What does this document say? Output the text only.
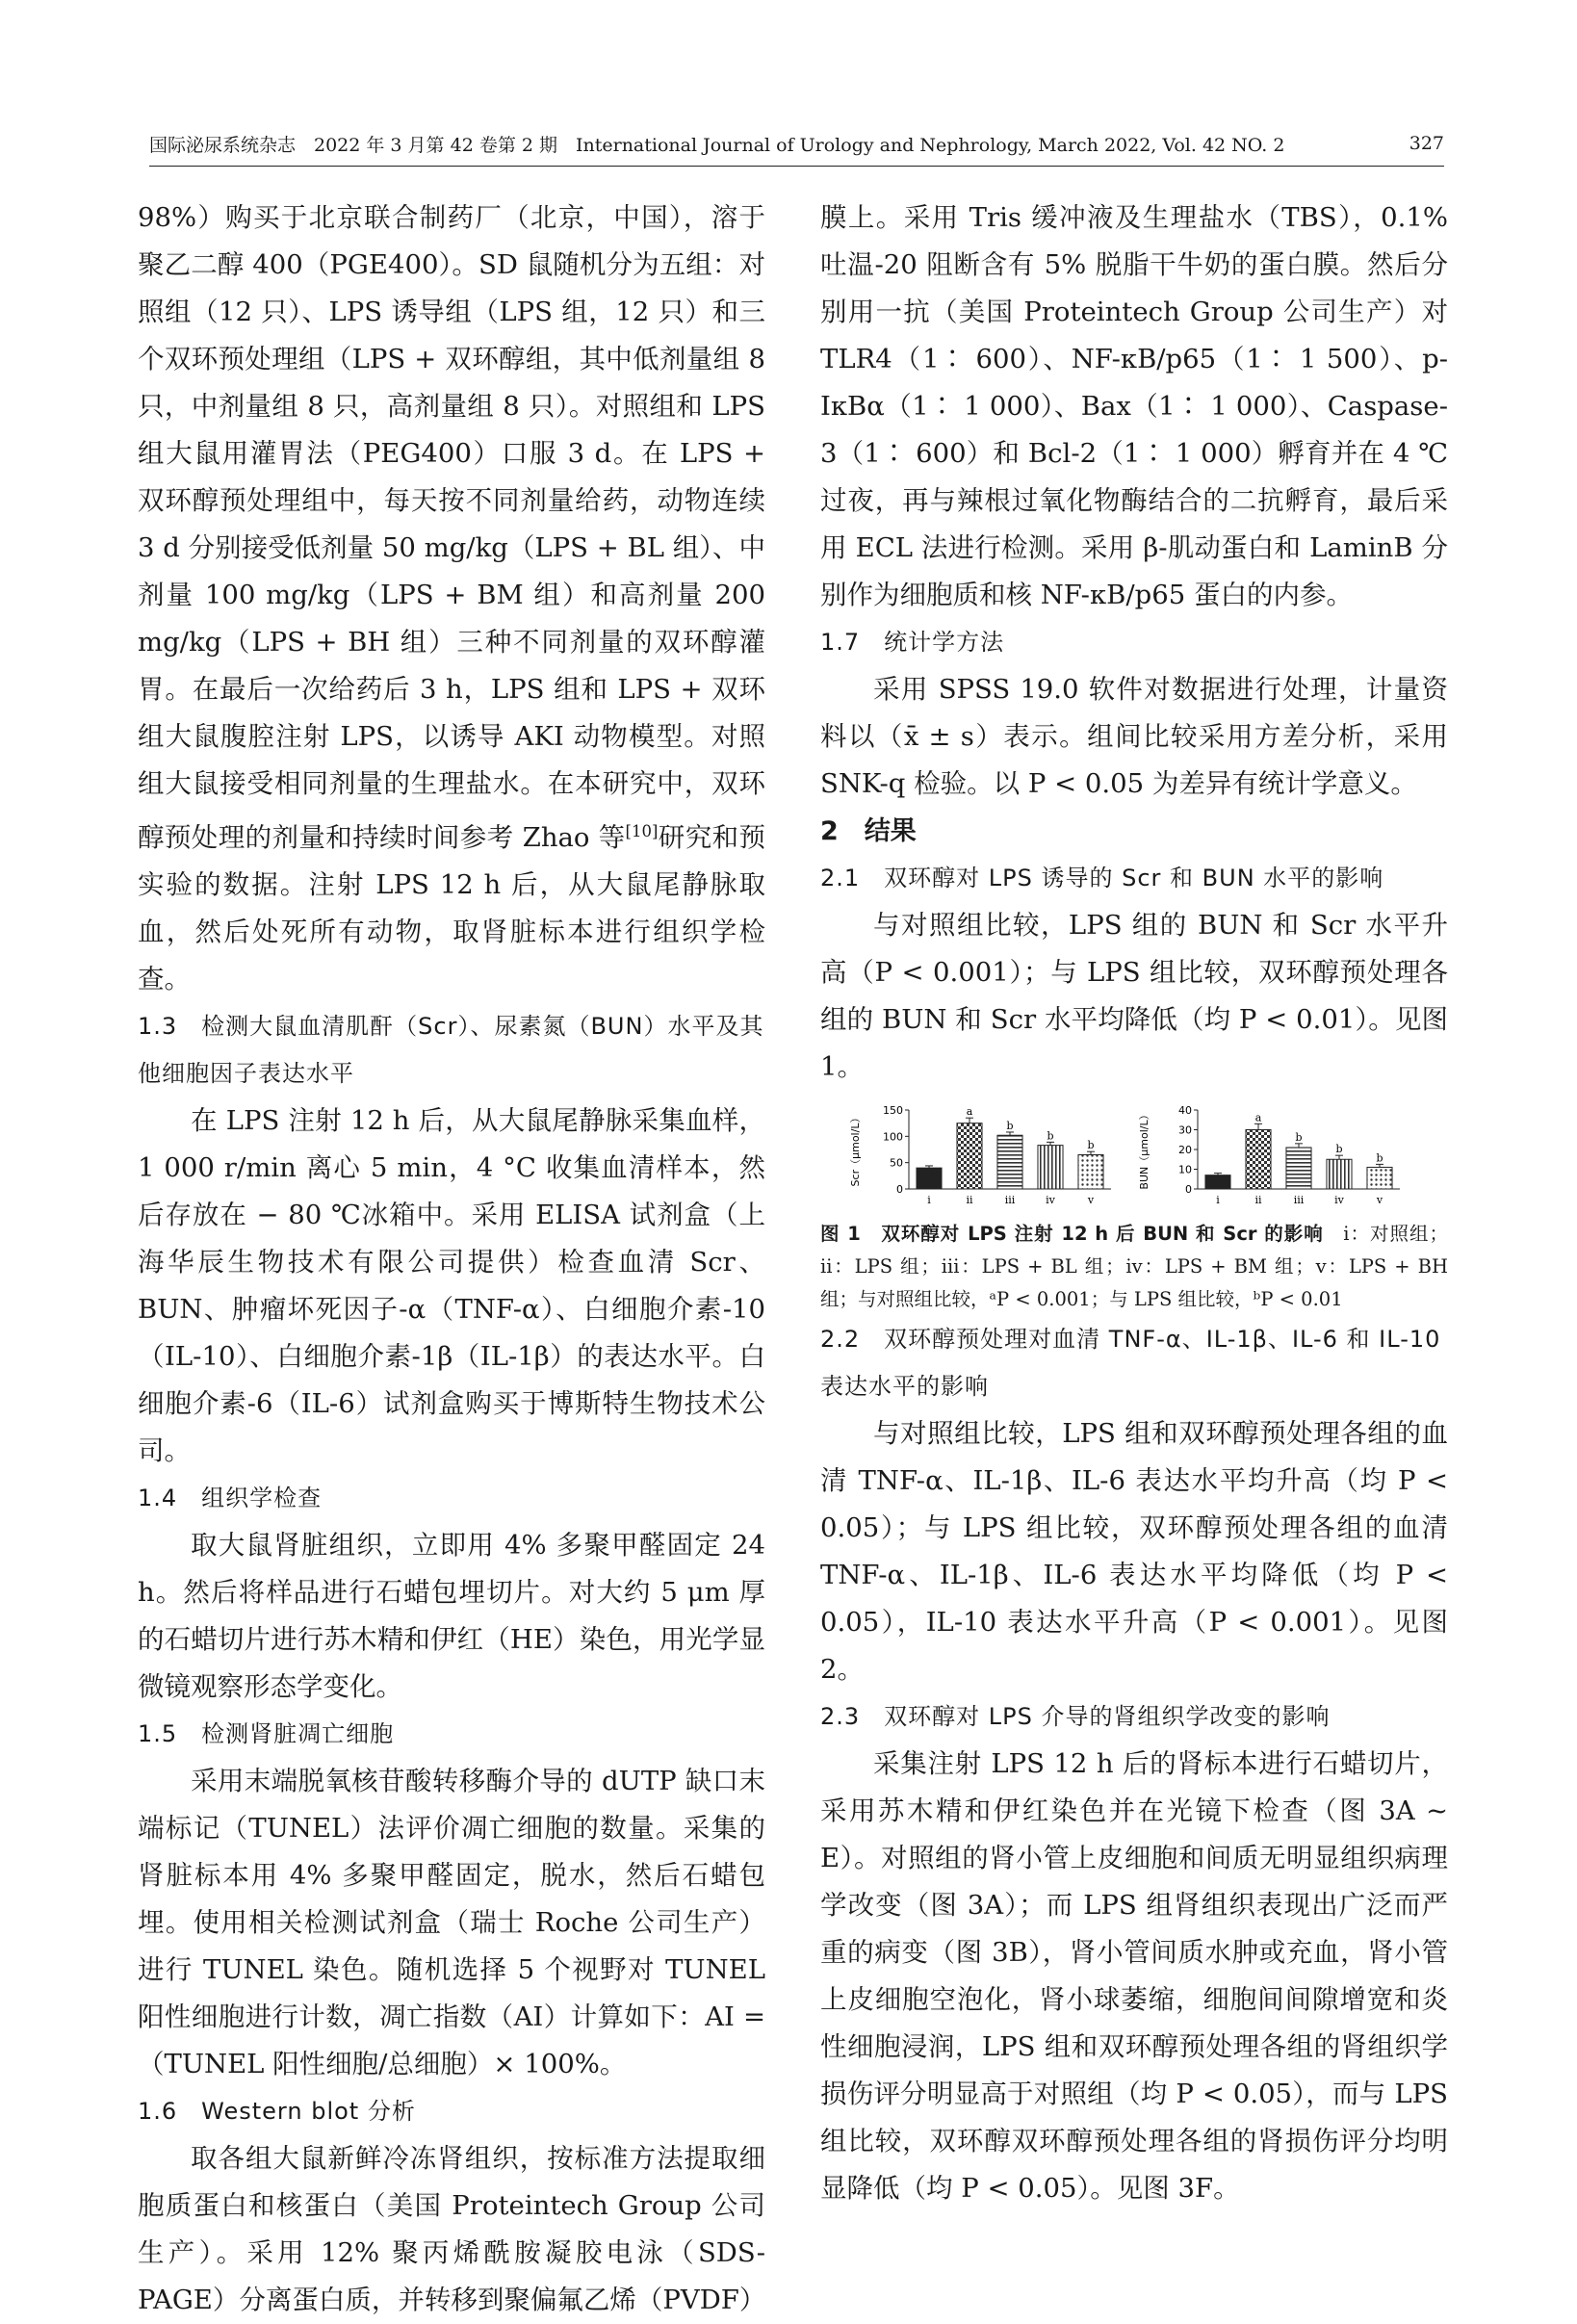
国际泌尿系统杂志　2022 年 3 月第 42 卷第 2 期　International Journal of Urology and Nephrology, March 2022, Vol. 42 NO. 2	327

98%）购买于北京联合制药厂（北京，中国），溶于聚乙二醇 400（PGE400）。SD 鼠随机分为五组：对照组（12 只）、LPS 诱导组（LPS 组，12 只）和三个双环预处理组（LPS + 双环醇组，其中低剂量组 8 只，中剂量组 8 只，高剂量组 8 只）。对照组和 LPS 组大鼠用灌胃法（PEG400）口服 3 d。在 LPS + 双环醇预处理组中，每天按不同剂量给药，动物连续 3 d 分别接受低剂量 50 mg/kg（LPS + BL 组）、中剂量 100 mg/kg（LPS + BM 组）和高剂量 200 mg/kg（LPS + BH 组）三种不同剂量的双环醇灌胃。在最后一次给药后 3 h，LPS 组和 LPS + 双环组大鼠腹腔注射 LPS，以诱导 AKI 动物模型。对照组大鼠接受相同剂量的生理盐水。在本研究中，双环醇预处理的剂量和持续时间参考 Zhao 等[10]研究和预实验的数据。注射 LPS 12 h 后，从大鼠尾静脉取血，然后处死所有动物，取肾脏标本进行组织学检查。

1.3　检测大鼠血清肌酐（Scr）、尿素氮（BUN）水平及其他细胞因子表达水平

在 LPS 注射 12 h 后，从大鼠尾静脉采集血样，1 000 r/min 离心 5 min，4 °C 收集血清样本，然后存放在 − 80 ℃冰箱中。采用 ELISA 试剂盒（上海华辰生物技术有限公司提供）检查血清 Scr、BUN、肿瘤坏死因子-α（TNF-α）、白细胞介素-10（IL-10）、白细胞介素-1β（IL-1β）的表达水平。白细胞介素-6（IL-6）试剂盒购买于博斯特生物技术公司。

1.4　组织学检查

取大鼠肾脏组织，立即用 4% 多聚甲醛固定 24 h。然后将样品进行石蜡包埋切片。对大约 5 μm 厚的石蜡切片进行苏木精和伊红（HE）染色，用光学显微镜观察形态学变化。

1.5　检测肾脏凋亡细胞

采用末端脱氧核苷酸转移酶介导的 dUTP 缺口末端标记（TUNEL）法评价凋亡细胞的数量。采集的肾脏标本用 4% 多聚甲醛固定，脱水，然后石蜡包埋。使用相关检测试剂盒（瑞士 Roche 公司生产）进行 TUNEL 染色。随机选择 5 个视野对 TUNEL 阳性细胞进行计数，凋亡指数（AI）计算如下：AI =（TUNEL 阳性细胞/总细胞）× 100%。

1.6　Western blot 分析

取各组大鼠新鲜冷冻肾组织，按标准方法提取细胞质蛋白和核蛋白（美国 Proteintech Group 公司生产）。采用 12% 聚丙烯酰胺凝胶电泳（SDS-PAGE）分离蛋白质，并转移到聚偏氟乙烯（PVDF）

膜上。采用 Tris 缓冲液及生理盐水（TBS），0.1% 吐温-20 阻断含有 5% 脱脂干牛奶的蛋白膜。然后分别用一抗（美国 Proteintech Group 公司生产）对 TLR4（1∶ 600）、NF-κB/p65（1∶ 1 500）、p-IκBα（1∶ 1 000）、Bax（1∶ 1 000）、Caspase-3（1∶ 600）和 Bcl-2（1∶ 1 000）孵育并在 4 ℃过夜，再与辣根过氧化物酶结合的二抗孵育，最后采用 ECL 法进行检测。采用 β-肌动蛋白和 LaminB 分别作为细胞质和核 NF-κB/p65 蛋白的内参。

1.7　统计学方法

采用 SPSS 19.0 软件对数据进行处理，计量资料以（x̄ ± s）表示。组间比较采用方差分析，采用 SNK-q 检验。以 P < 0.05 为差异有统计学意义。

2　结果

2.1　双环醇对 LPS 诱导的 Scr 和 BUN 水平的影响

与对照组比较，LPS 组的 BUN 和 Scr 水平升高（P < 0.001）；与 LPS 组比较，双环醇预处理各组的 BUN 和 Scr 水平均降低（均 P < 0.01）。见图 1。

Scr（μmol/L）
0
50
100
150
i
a
ii
b
iii
b
iv
b
v
BUN（μmol/L）	0
10
20
30
40
i
a
ii
b
iii
b
iv
b
v

图 1　双环醇对 LPS 注射 12 h 后 BUN 和 Scr 的影响　 ⅰ：对照组；ⅱ：LPS 组；ⅲ：LPS + BL 组；ⅳ：LPS + BM 组；ⅴ：LPS + BH 组；与对照组比较，ᵃP < 0.001；与 LPS 组比较，ᵇP < 0.01

2.2　双环醇预处理对血清 TNF-α、IL-1β、IL-6 和 IL-10 表达水平的影响

与对照组比较，LPS 组和双环醇预处理各组的血清 TNF-α、IL-1β、IL-6 表达水平均升高（均 P < 0.05）；与 LPS 组比较，双环醇预处理各组的血清 TNF-α、IL-1β、IL-6 表达水平均降低（均 P < 0.05），IL-10 表达水平升高（P < 0.001）。见图 2。

2.3　双环醇对 LPS 介导的肾组织学改变的影响

采集注射 LPS 12 h 后的肾标本进行石蜡切片，采用苏木精和伊红染色并在光镜下检查（图 3A ~ E）。对照组的肾小管上皮细胞和间质无明显组织病理学改变（图 3A）；而 LPS 组肾组织表现出广泛而严重的病变（图 3B），肾小管间质水肿或充血，肾小管上皮细胞空泡化，肾小球萎缩，细胞间间隙增宽和炎性细胞浸润，LPS 组和双环醇预处理各组的肾组织学损伤评分明显高于对照组（均 P < 0.05），而与 LPS 组比较，双环醇双环醇预处理各组的肾损伤评分均明显降低（均 P < 0.05）。见图 3F。
